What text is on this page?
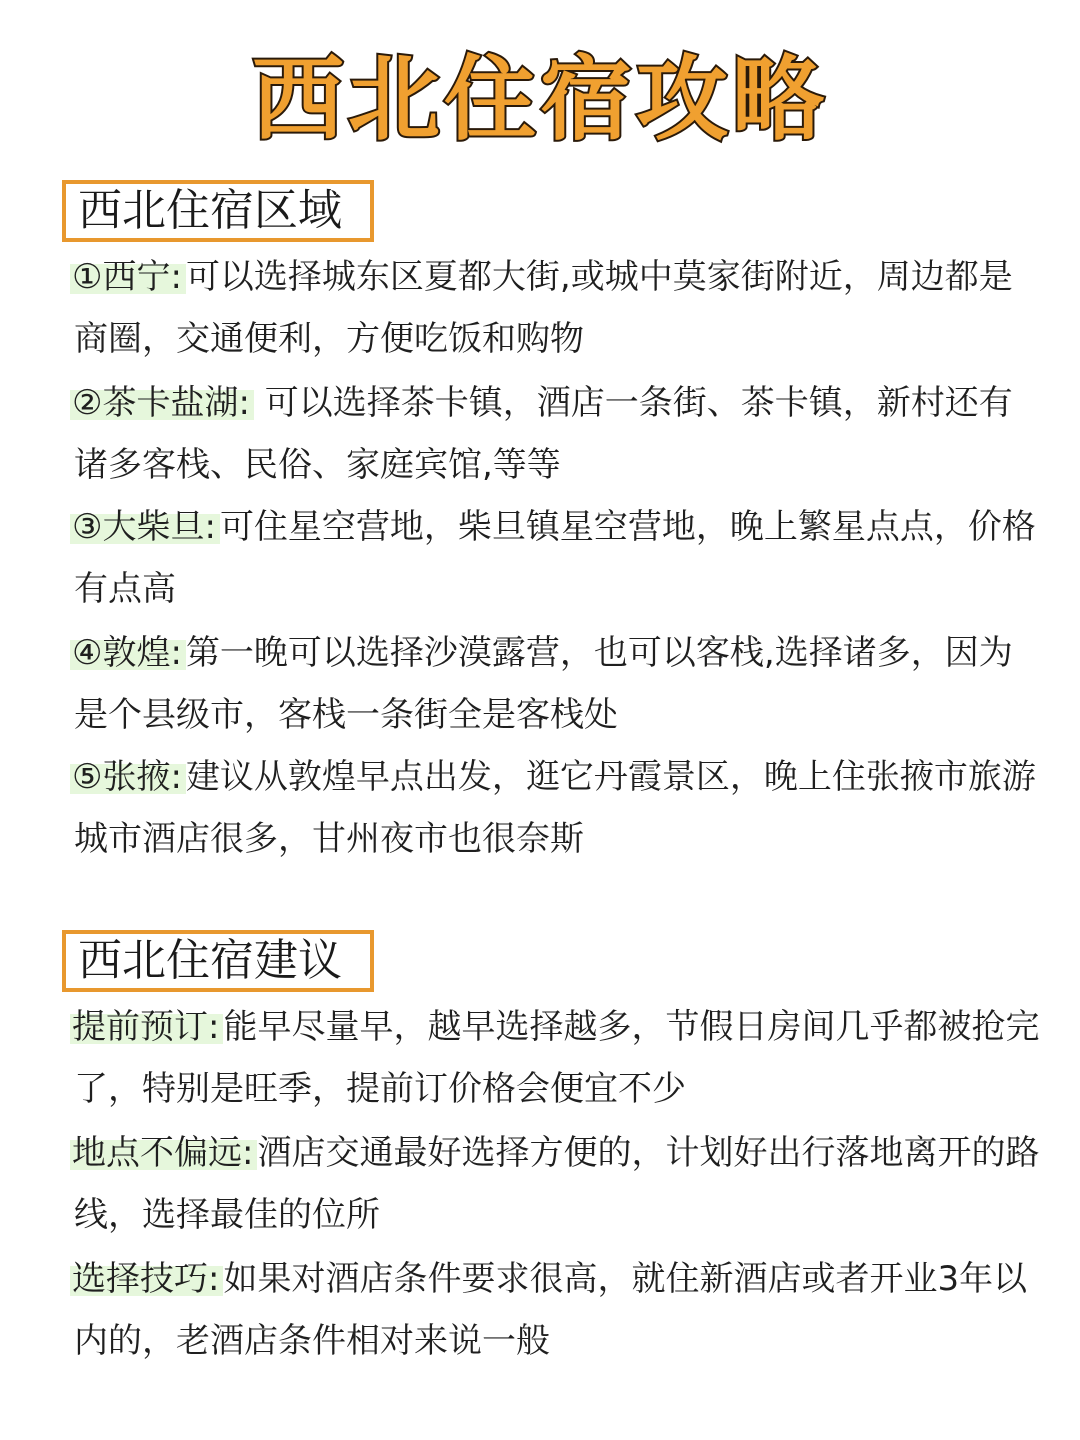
西北住宿攻略
西北住宿区域
①西宁: 可以选择城东区夏都大街,或城中莫家街附近，周边都是商圈，交通便利，方便吃饭和购物
②茶卡盐湖: 可以选择茶卡镇，酒店一条街、茶卡镇，新村还有诸多客栈、民俗、家庭宾馆,等等
③大柴旦: 可住星空营地，柴旦镇星空营地，晚上繁星点点，价格有点高
④敦煌: 第一晚可以选择沙漠露营，也可以客栈,选择诸多，因为是个县级市，客栈一条街全是客栈处
⑤张掖: 建议从敦煌早点出发，逛它丹霞景区，晚上住张掖市旅游城市酒店很多，甘州夜市也很奈斯
西北住宿建议
提前预订: 能早尽量早，越早选择越多，节假日房间几乎都被抢完了，特别是旺季，提前订价格会便宜不少
地点不偏远: 酒店交通最好选择方便的，计划好出行落地离开的路线，选择最佳的位所
选择技巧: 如果对酒店条件要求很高，就住新酒店或者开业3年以内的，老酒店条件相对来说一般
